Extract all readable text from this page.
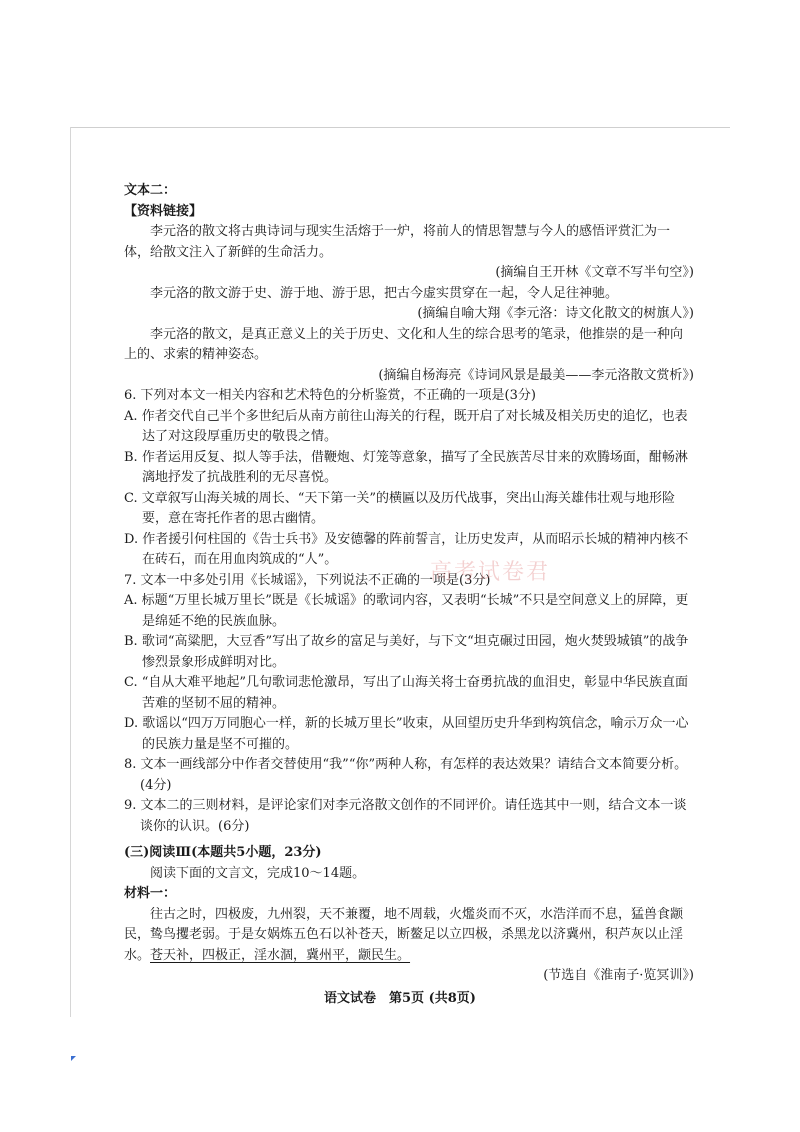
文本二：
【资料链接】
李元洛的散文将古典诗词与现实生活熔于一炉，将前人的情思智慧与今人的感悟评赏汇为一体，给散文注入了新鲜的生命活力。
(摘编自王开林《文章不写半句空》)
李元洛的散文游于史、游于地、游于思，把古今虚实贯穿在一起，令人足往神驰。
(摘编自喻大翔《李元洛：诗文化散文的树旗人》)
李元洛的散文，是真正意义上的关于历史、文化和人生的综合思考的笔录，他推崇的是一种向上的、求索的精神姿态。
(摘编自杨海亮《诗词风景是最美——李元洛散文赏析》)
6. 下列对本文一相关内容和艺术特色的分析鉴赏，不正确的一项是(3分)
A. 作者交代自己半个多世纪后从南方前往山海关的行程，既开启了对长城及相关历史的追忆，也表达了对这段厚重历史的敬畏之情。
B. 作者运用反复、拟人等手法，借鞭炮、灯笼等意象，描写了全民族苦尽甘来的欢腾场面，酣畅淋漓地抒发了抗战胜利的无尽喜悦。
C. 文章叙写山海关城的周长、“天下第一关”的横匾以及历代战事，突出山海关雄伟壮观与地形险要，意在寄托作者的思古幽情。
D. 作者援引何柱国的《告士兵书》及安德馨的阵前誓言，让历史发声，从而昭示长城的精神内核不在砖石，而在用血肉筑成的“人”。
7. 文本一中多处引用《长城谣》，下列说法不正确的一项是(3分)
A. 标题“万里长城万里长”既是《长城谣》的歌词内容，又表明“长城”不只是空间意义上的屏障，更是绵延不绝的民族血脉。
B. 歌词“高粱肥，大豆香”写出了故乡的富足与美好，与下文“坦克碾过田园，炮火焚毁城镇”的战争惨烈景象形成鲜明对比。
C. “自从大难平地起”几句歌词悲怆激昂，写出了山海关将士奋勇抗战的血泪史，彰显中华民族直面苦难的坚韧不屈的精神。
D. 歌谣以“四万万同胞心一样，新的长城万里长”收束，从回望历史升华到构筑信念，喻示万众一心的民族力量是坚不可摧的。
8. 文本一画线部分中作者交替使用“我”“你”两种人称，有怎样的表达效果？请结合文本简要分析。(4分)
9. 文本二的三则材料，是评论家们对李元洛散文创作的不同评价。请任选其中一则，结合文本一谈谈你的认识。(6分)
(三)阅读Ⅲ(本题共5小题，23分)
阅读下面的文言文，完成10～14题。
材料一：
往古之时，四极废，九州裂，天不兼覆，地不周载，火爁炎而不灭，水浩洋而不息，猛兽食颛民，鸷鸟攫老弱。于是女娲炼五色石以补苍天，断鳌足以立四极，杀黑龙以济冀州，积芦灰以止淫水。苍天补，四极正，淫水涸，冀州平，颛民生。
(节选自《淮南子·览冥训》)
高考试卷君
语文试卷　第5页 (共8页)
